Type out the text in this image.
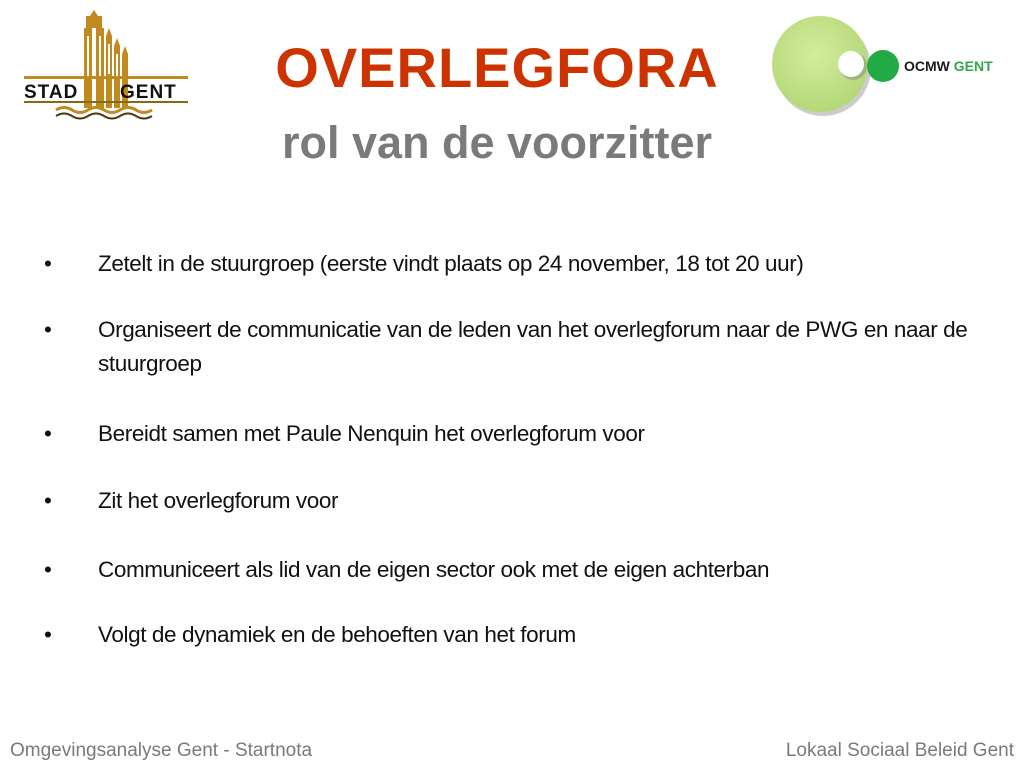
STAD GENT
OCMW GENT
OVERLEGFORA
rol van de voorzitter
• Zetelt in de stuurgroep (eerste vindt plaats op 24 november, 18 tot 20 uur)
• Organiseert de communicatie van de leden van het overlegforum naar de PWG en naar de stuurgroep
• Bereidt samen met Paule Nenquin het overlegforum voor
• Zit het overlegforum voor
• Communiceert als lid van de eigen sector ook met de eigen achterban
• Volgt de dynamiek en de behoeften van het forum
Omgevingsanalyse Gent - Startnota	Lokaal Sociaal Beleid Gent
